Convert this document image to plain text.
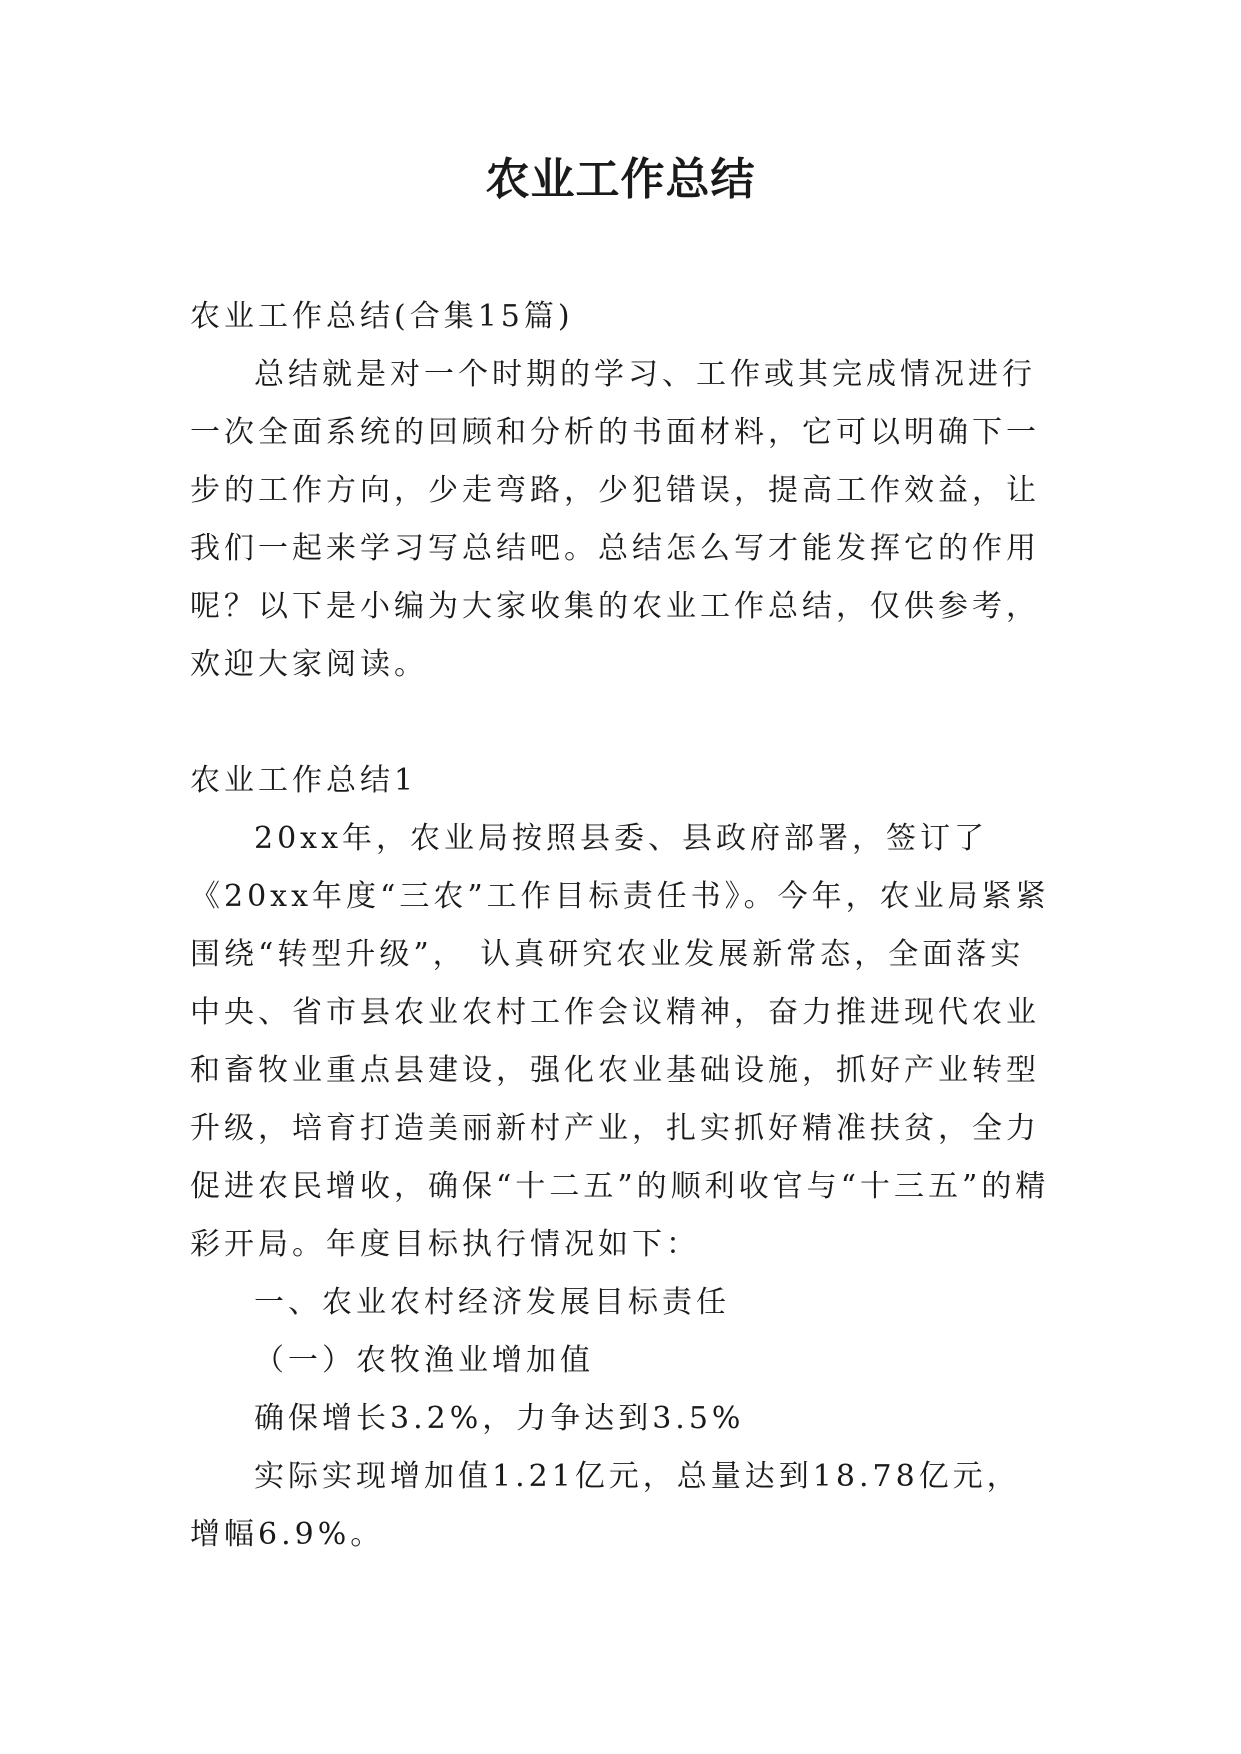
农业工作总结

农业工作总结(合集15篇)

总结就是对一个时期的学习、工作或其完成情况进行一次全面系统的回顾和分析的书面材料，它可以明确下一步的工作方向，少走弯路，少犯错误，提高工作效益，让我们一起来学习写总结吧。总结怎么写才能发挥它的作用呢？以下是小编为大家收集的农业工作总结，仅供参考，欢迎大家阅读。

农业工作总结1

20xx年，农业局按照县委、县政府部署，签订了《20xx年度“三农”工作目标责任书》。今年，农业局紧紧围绕“转型升级”， 认真研究农业发展新常态，全面落实中央、省市县农业农村工作会议精神，奋力推进现代农业和畜牧业重点县建设，强化农业基础设施，抓好产业转型升级，培育打造美丽新村产业，扎实抓好精准扶贫，全力促进农民增收，确保“十二五”的顺利收官与“十三五”的精彩开局。年度目标执行情况如下：

一、农业农村经济发展目标责任

（一）农牧渔业增加值

确保增长3.2%，力争达到3.5%

实际实现增加值1.21亿元，总量达到18.78亿元，增幅6.9%。
